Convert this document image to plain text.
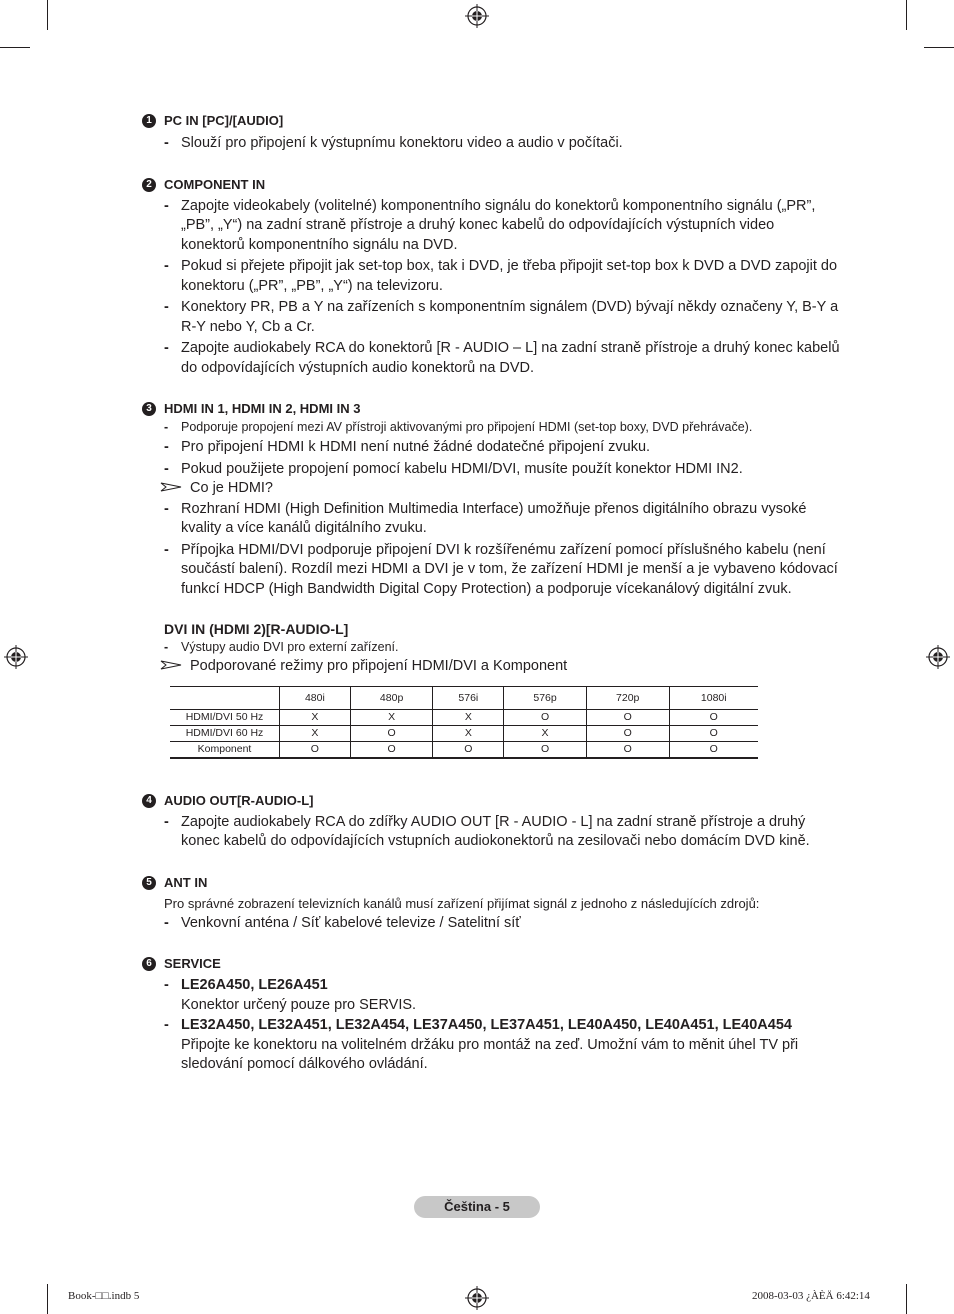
1 PC IN [PC]/[AUDIO]
- Slouží pro připojení k výstupnímu konektoru video a audio v počítači.
2 COMPONENT IN
- Zapojte videokabely (volitelné) komponentního signálu do konektorů komponentního signálu („PR”, „PB”, „Y“) na zadní straně přístroje a druhý konec kabelů do odpovídajících výstupních video konektorů komponentního signálu na DVD.
- Pokud si přejete připojit jak set-top box, tak i DVD, je třeba připojit set-top box k DVD a DVD zapojit do konektoru („PR”, „PB”, „Y“) na televizoru.
- Konektory PR, PB a Y na zařízeních s komponentním signálem (DVD) bývají někdy označeny Y, B-Y a R-Y nebo Y, Cb a Cr.
- Zapojte audiokabely RCA do konektorů [R - AUDIO – L] na zadní straně přístroje a druhý konec kabelů do odpovídajících výstupních audio konektorů na DVD.
3 HDMI IN 1, HDMI IN 2, HDMI IN 3
- Podporuje propojení mezi AV přístroji aktivovanými pro připojení HDMI (set-top boxy, DVD přehrávače).
- Pro připojení HDMI k HDMI není nutné žádné dodatečné připojení zvuku.
- Pokud použijete propojení pomocí kabelu HDMI/DVI, musíte použít konektor HDMI IN2.
Co je HDMI?
- Rozhraní HDMI (High Definition Multimedia Interface) umožňuje přenos digitálního obrazu vysoké kvality a více kanálů digitálního zvuku.
- Přípojka HDMI/DVI podporuje připojení DVI k rozšířenému zařízení pomocí příslušného kabelu (není součástí balení). Rozdíl mezi HDMI a DVI je v tom, že zařízení HDMI je menší a je vybaveno kódovací funkcí HDCP (High Bandwidth Digital Copy Protection) a podporuje vícekanálový digitální zvuk.
DVI IN (HDMI 2)[R-AUDIO-L]
- Výstupy audio DVI pro externí zařízení.
Podporované režimy pro připojení HDMI/DVI a Komponent
	480i	480p	576i	576p	720p	1080i
HDMI/DVI 50 Hz	X	X	X	O	O	O
HDMI/DVI 60 Hz	X	O	X	X	O	O
Komponent	O	O	O	O	O	O
4 AUDIO OUT[R-AUDIO-L]
- Zapojte audiokabely RCA do zdířky AUDIO OUT [R - AUDIO - L] na zadní straně přístroje a druhý konec kabelů do odpovídajících vstupních audiokonektorů na zesilovači nebo domácím DVD kině.
5 ANT IN
Pro správné zobrazení televizních kanálů musí zařízení přijímat signál z jednoho z následujících zdrojů:
- Venkovní anténa / Síť kabelové televize / Satelitní síť
6 SERVICE
- LE26A450, LE26A451
Konektor určený pouze pro SERVIS.
- LE32A450, LE32A451, LE32A454, LE37A450, LE37A451, LE40A450, LE40A451, LE40A454
Připojte ke konektoru na volitelném držáku pro montáž na zeď. Umožní vám to měnit úhel TV při sledování pomocí dálkového ovládání.
Čeština - 5
Book-□□.indb 5	2008-03-03 ¿ÀÈÄ 6:42:14
